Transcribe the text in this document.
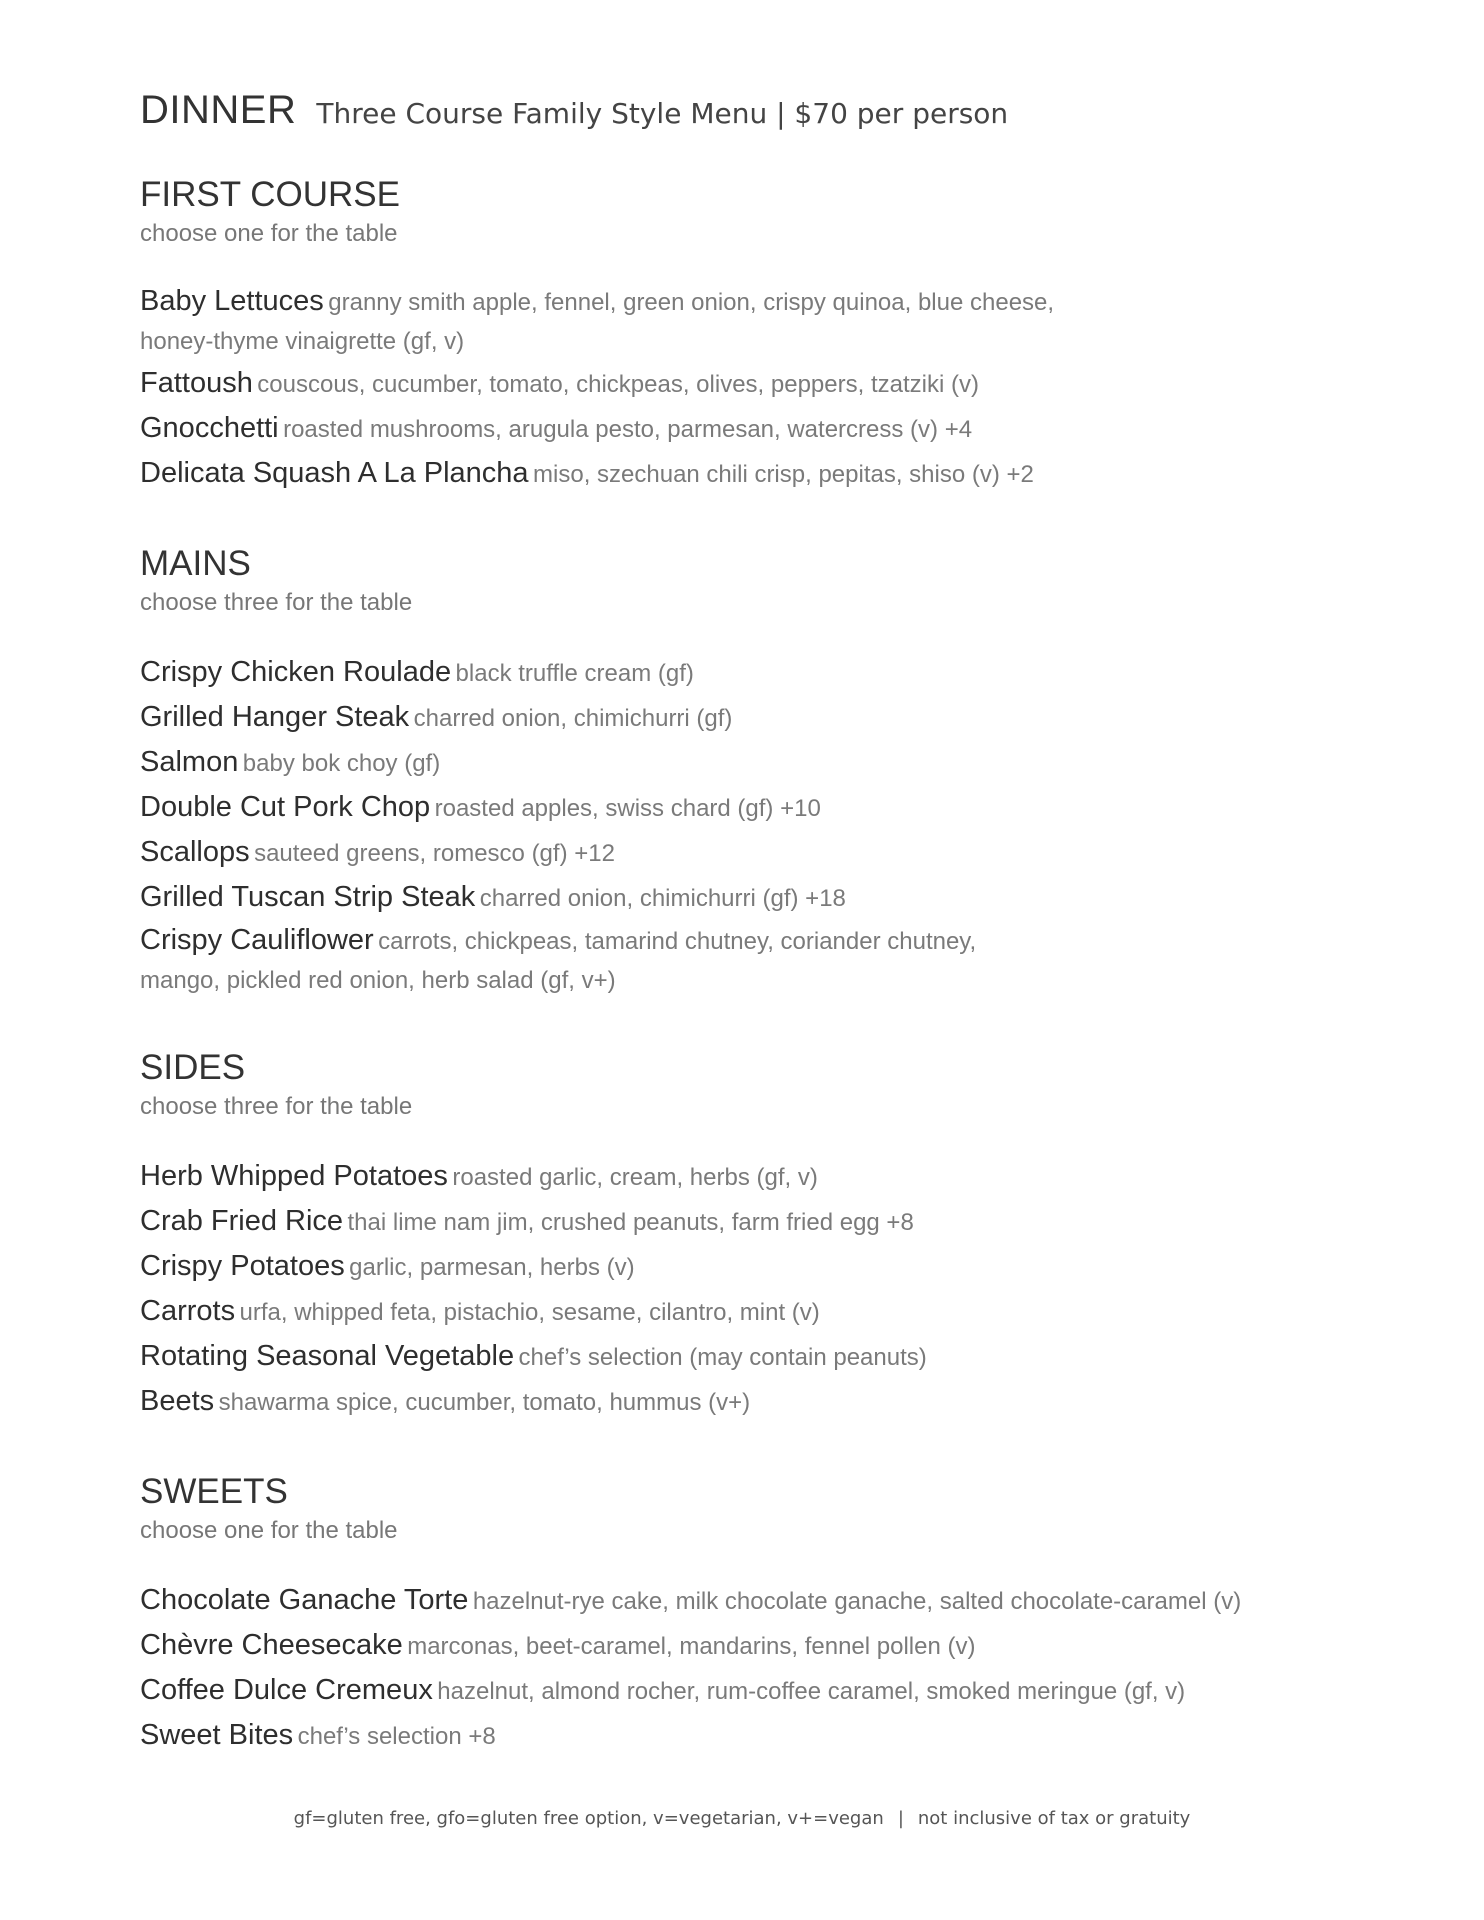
DINNER Three Course Family Style Menu | $70 per person
FIRST COURSE
choose one for the table
Baby Lettuces granny smith apple, fennel, green onion, crispy quinoa, blue cheese, honey-thyme vinaigrette (gf, v)
Fattoush couscous, cucumber, tomato, chickpeas, olives, peppers, tzatziki (v)
Gnocchetti roasted mushrooms, arugula pesto, parmesan, watercress (v) +4
Delicata Squash A La Plancha miso, szechuan chili crisp, pepitas, shiso (v) +2
MAINS
choose three for the table
Crispy Chicken Roulade black truffle cream (gf)
Grilled Hanger Steak charred onion, chimichurri (gf)
Salmon baby bok choy (gf)
Double Cut Pork Chop roasted apples, swiss chard (gf) +10
Scallops sauteed greens, romesco (gf) +12
Grilled Tuscan Strip Steak charred onion, chimichurri (gf) +18
Crispy Cauliflower carrots, chickpeas, tamarind chutney, coriander chutney, mango, pickled red onion, herb salad (gf, v+)
SIDES
choose three for the table
Herb Whipped Potatoes roasted garlic, cream, herbs (gf, v)
Crab Fried Rice thai lime nam jim, crushed peanuts, farm fried egg +8
Crispy Potatoes garlic, parmesan, herbs (v)
Carrots urfa, whipped feta, pistachio, sesame, cilantro, mint (v)
Rotating Seasonal Vegetable chef’s selection (may contain peanuts)
Beets shawarma spice, cucumber, tomato, hummus (v+)
SWEETS
choose one for the table
Chocolate Ganache Torte hazelnut-rye cake, milk chocolate ganache, salted chocolate-caramel (v)
Chèvre Cheesecake marconas, beet-caramel, mandarins, fennel pollen (v)
Coffee Dulce Cremeux hazelnut, almond rocher, rum-coffee caramel, smoked meringue (gf, v)
Sweet Bites chef’s selection +8
gf=gluten free, gfo=gluten free option, v=vegetarian, v+=vegan | not inclusive of tax or gratuity
